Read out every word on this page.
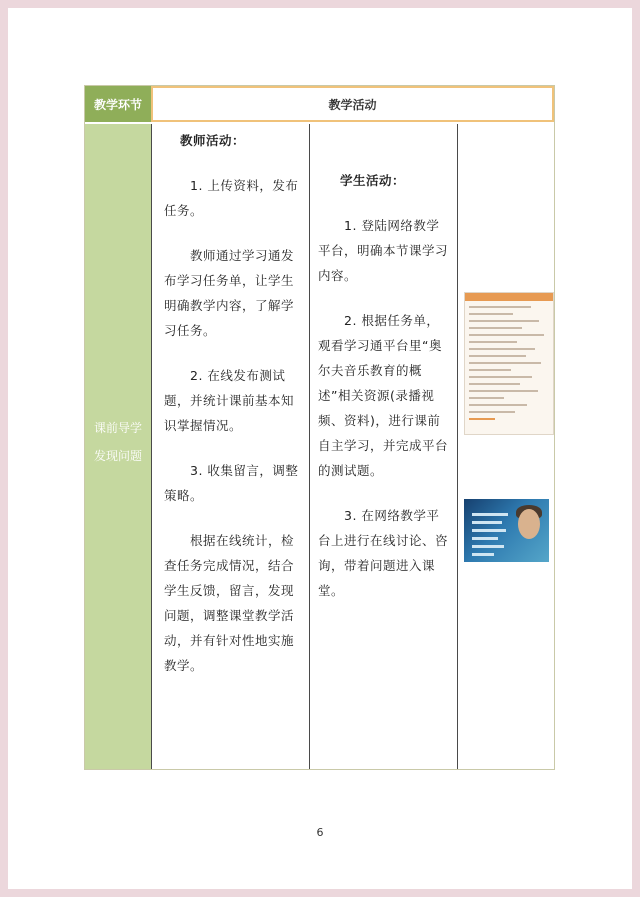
教学环节	教学活动
课前导学
发现问题

教师活动：

1. 上传资料，发布任务。

教师通过学习通发布学习任务单，让学生明确教学内容，了解学习任务。

2. 在线发布测试题，并统计课前基本知识掌握情况。

3. 收集留言，调整策略。

根据在线统计，检查任务完成情况，结合学生反馈，留言，发现问题，调整课堂教学活动，并有针对性地实施教学。

学生活动：

1. 登陆网络教学平台，明确本节课学习内容。

2. 根据任务单，观看学习通平台里“奥尔夫音乐教育的概述”相关资源(录播视频、资料)，进行课前自主学习，并完成平台的测试题。

3. 在网络教学平台上进行在线讨论、咨询，带着问题进入课堂。

6
